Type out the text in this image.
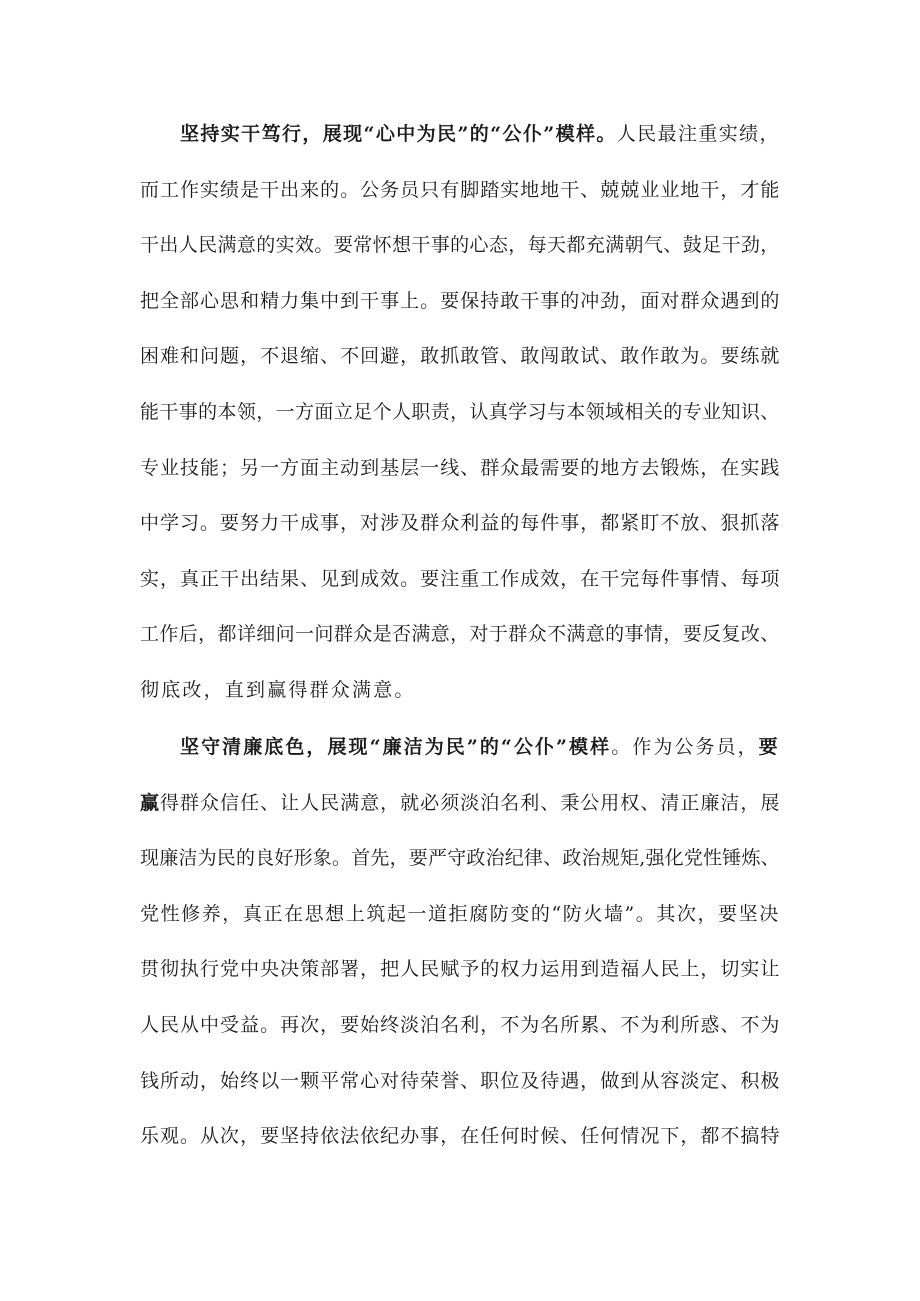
坚持实干笃行，展现“心中为民”的“公仆”模样。人民最注重实绩，
而工作实绩是干出来的。公务员只有脚踏实地地干、兢兢业业地干，才能
干出人民满意的实效。要常怀想干事的心态，每天都充满朝气、鼓足干劲，
把全部心思和精力集中到干事上。要保持敢干事的冲劲，面对群众遇到的
困难和问题，不退缩、不回避，敢抓敢管、敢闯敢试、敢作敢为。要练就
能干事的本领，一方面立足个人职责，认真学习与本领域相关的专业知识、
专业技能；另一方面主动到基层一线、群众最需要的地方去锻炼，在实践
中学习。要努力干成事，对涉及群众利益的每件事，都紧盯不放、狠抓落
实，真正干出结果、见到成效。要注重工作成效，在干完每件事情、每项
工作后，都详细问一问群众是否满意，对于群众不满意的事情，要反复改、
彻底改，直到赢得群众满意。
坚守清廉底色，展现“廉洁为民”的“公仆”模样。作为公务员，要
赢得群众信任、让人民满意，就必须淡泊名利、秉公用权、清正廉洁，展
现廉洁为民的良好形象。首先，要严守政治纪律、政治规矩,强化党性锤炼、
党性修养，真正在思想上筑起一道拒腐防变的“防火墙”。其次，要坚决
贯彻执行党中央决策部署，把人民赋予的权力运用到造福人民上，切实让
人民从中受益。再次，要始终淡泊名利，不为名所累、不为利所惑、不为
钱所动，始终以一颗平常心对待荣誉、职位及待遇，做到从容淡定、积极
乐观。从次，要坚持依法依纪办事，在任何时候、任何情况下，都不搞特
